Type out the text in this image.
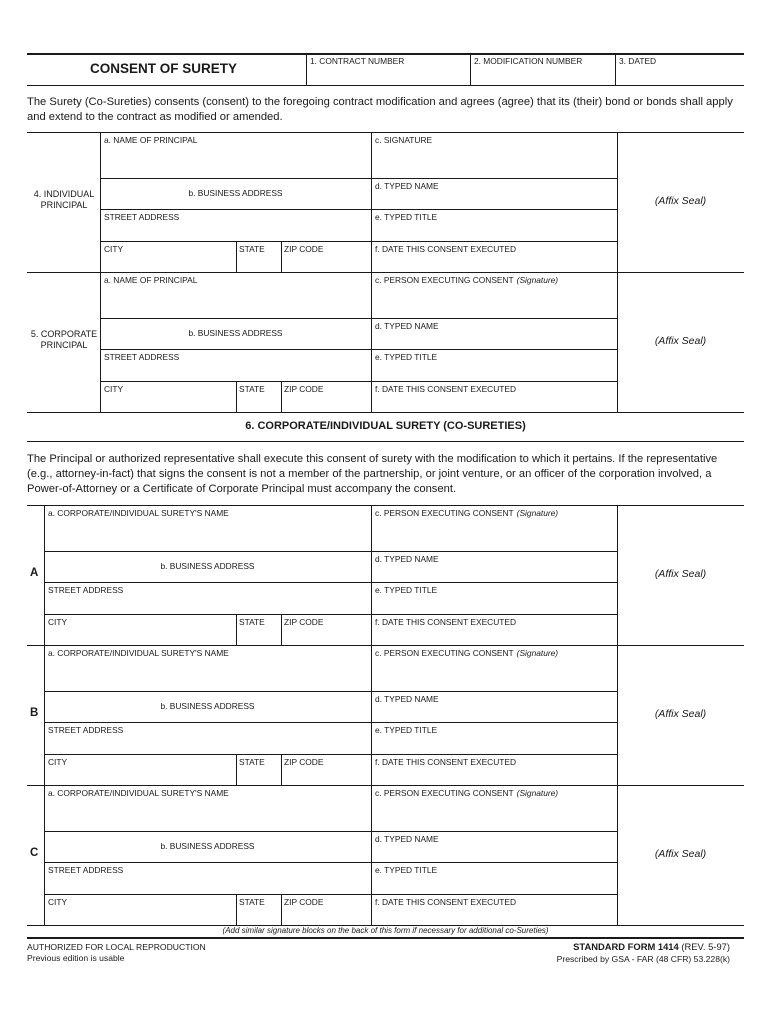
CONSENT OF SURETY	1. CONTRACT NUMBER	2. MODIFICATION NUMBER	3. DATED
The Surety (Co-Sureties) consents (consent) to the foregoing contract modification and agrees (agree) that its (their) bond or bonds shall apply and extend to the contract as modified or amended.
4. INDIVIDUAL PRINCIPAL
a. NAME OF PRINCIPAL
b. BUSINESS ADDRESS
STREET ADDRESS
CITY	STATE ZIP CODE
c. SIGNATURE
d. TYPED NAME
e. TYPED TITLE
f. DATE THIS CONSENT EXECUTED
(Affix Seal)
5. CORPORATE PRINCIPAL
a. NAME OF PRINCIPAL
b. BUSINESS ADDRESS
STREET ADDRESS
CITY	STATE ZIP CODE
c. PERSON EXECUTING CONSENT (Signature)
d. TYPED NAME
e. TYPED TITLE
f. DATE THIS CONSENT EXECUTED
(Affix Seal)
6. CORPORATE/INDIVIDUAL SURETY (CO-SURETIES)
The Principal or authorized representative shall execute this consent of surety with the modification to which it pertains. If the representative (e.g., attorney-in-fact) that signs the consent is not a member of the partnership, or joint venture, or an officer of the corporation involved, a Power-of-Attorney or a Certificate of Corporate Principal must accompany the consent.
A
a. CORPORATE/INDIVIDUAL SURETY'S NAME
b. BUSINESS ADDRESS
STREET ADDRESS
CITY	STATE ZIP CODE
c. PERSON EXECUTING CONSENT (Signature)
d. TYPED NAME
e. TYPED TITLE
f. DATE THIS CONSENT EXECUTED
(Affix Seal)
B
a. CORPORATE/INDIVIDUAL SURETY'S NAME
b. BUSINESS ADDRESS
STREET ADDRESS
CITY	STATE ZIP CODE
c. PERSON EXECUTING CONSENT (Signature)
d. TYPED NAME
e. TYPED TITLE
f. DATE THIS CONSENT EXECUTED
(Affix Seal)
C
a. CORPORATE/INDIVIDUAL SURETY'S NAME
b. BUSINESS ADDRESS
STREET ADDRESS
CITY	STATE ZIP CODE
c. PERSON EXECUTING CONSENT (Signature)
d. TYPED NAME
e. TYPED TITLE
f. DATE THIS CONSENT EXECUTED
(Affix Seal)
(Add similar signature blocks on the back of this form if necessary for additional co-Sureties)
AUTHORIZED FOR LOCAL REPRODUCTION
Previous edition is usable
STANDARD FORM 1414 (REV. 5-97)
Prescribed by GSA - FAR (48 CFR) 53.228(k)
